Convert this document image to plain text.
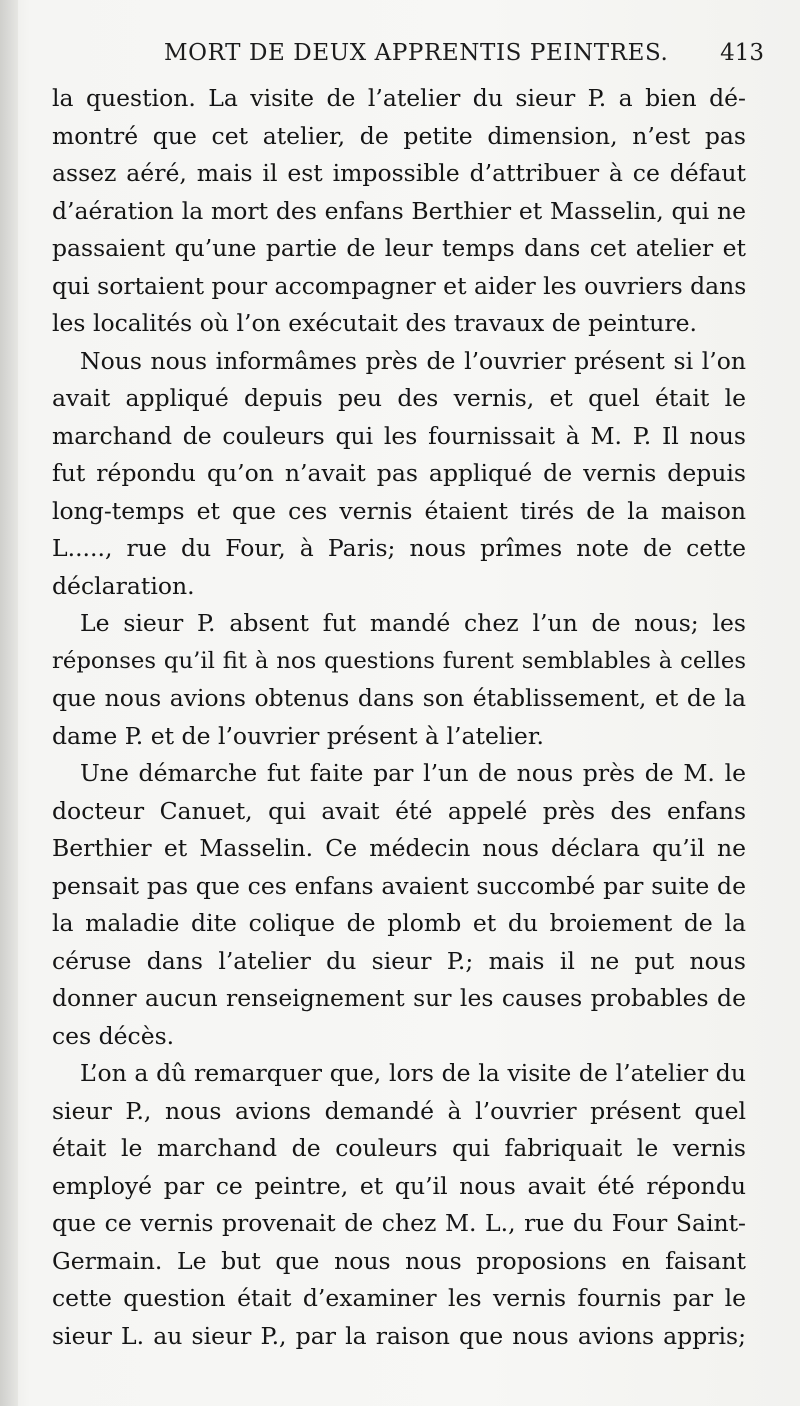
MORT DE DEUX APPRENTIS PEINTRES. 413
la question. La visite de l’atelier du sieur P. a bien dé-
montré que cet atelier, de petite dimension, n’est pas
assez aéré, mais il est impossible d’attribuer à ce défaut
d’aération la mort des enfans Berthier et Masselin, qui ne
passaient qu’une partie de leur temps dans cet atelier et
qui sortaient pour accompagner et aider les ouvriers dans
les localités où l’on exécutait des travaux de peinture.
Nous nous informâmes près de l’ouvrier présent si l’on
avait appliqué depuis peu des vernis, et quel était le
marchand de couleurs qui les fournissait à M. P. Il nous
fut répondu qu’on n’avait pas appliqué de vernis depuis
long-temps et que ces vernis étaient tirés de la maison
L....., rue du Four, à Paris; nous prîmes note de cette
déclaration.
Le sieur P. absent fut mandé chez l’un de nous; les
réponses qu’il fit à nos questions furent semblables à celles
que nous avions obtenus dans son établissement, et de la
dame P. et de l’ouvrier présent à l’atelier.
Une démarche fut faite par l’un de nous près de M. le
docteur Canuet, qui avait été appelé près des enfans
Berthier et Masselin. Ce médecin nous déclara qu’il ne
pensait pas que ces enfans avaient succombé par suite de
la maladie dite colique de plomb et du broiement de la
céruse dans l’atelier du sieur P.; mais il ne put nous
donner aucun renseignement sur les causes probables de
ces décès.
L’on a dû remarquer que, lors de la visite de l’atelier du
sieur P., nous avions demandé à l’ouvrier présent quel
était le marchand de couleurs qui fabriquait le vernis
employé par ce peintre, et qu’il nous avait été répondu
que ce vernis provenait de chez M. L., rue du Four Saint-
Germain. Le but que nous nous proposions en faisant
cette question était d’examiner les vernis fournis par le
sieur L. au sieur P., par la raison que nous avions appris;
